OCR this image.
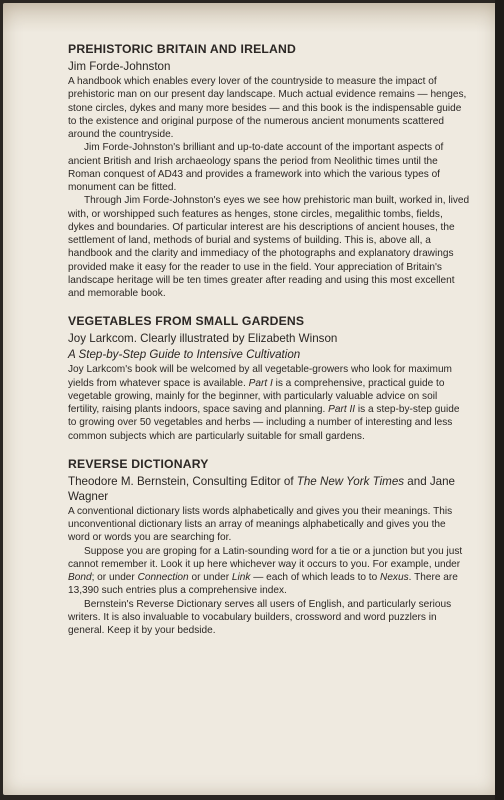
PREHISTORIC BRITAIN AND IRELAND
Jim Forde-Johnston

A handbook which enables every lover of the countryside to measure the impact of prehistoric man on our present day landscape. Much actual evidence remains — henges, stone circles, dykes and many more besides — and this book is the indispensable guide to the existence and original purpose of the numerous ancient monuments scattered around the countryside.

Jim Forde-Johnston's brilliant and up-to-date account of the important aspects of ancient British and Irish archaeology spans the period from Neolithic times until the Roman conquest of AD43 and provides a framework into which the various types of monument can be fitted.

Through Jim Forde-Johnston's eyes we see how prehistoric man built, worked in, lived with, or worshipped such features as henges, stone circles, megalithic tombs, fields, dykes and boundaries. Of particular interest are his descriptions of ancient houses, the settlement of land, methods of burial and systems of building. This is, above all, a handbook and the clarity and immediacy of the photographs and explanatory drawings provided make it easy for the reader to use in the field. Your appreciation of Britain's landscape heritage will be ten times greater after reading and using this most excellent and memorable book.

VEGETABLES FROM SMALL GARDENS
Joy Larkcom. Clearly illustrated by Elizabeth Winson
A Step-by-Step Guide to Intensive Cultivation

Joy Larkcom's book will be welcomed by all vegetable-growers who look for maximum yields from whatever space is available. Part I is a comprehensive, practical guide to vegetable growing, mainly for the beginner, with particularly valuable advice on soil fertility, raising plants indoors, space saving and planning. Part II is a step-by-step guide to growing over 50 vegetables and herbs — including a number of interesting and less common subjects which are particularly suitable for small gardens.

REVERSE DICTIONARY
Theodore M. Bernstein, Consulting Editor of The New York Times and Jane Wagner

A conventional dictionary lists words alphabetically and gives you their meanings. This unconventional dictionary lists an array of meanings alphabetically and gives you the word or words you are searching for.

Suppose you are groping for a Latin-sounding word for a tie or a junction but you just cannot remember it. Look it up here whichever way it occurs to you. For example, under Bond; or under Connection or under Link — each of which leads to to Nexus. There are 13,390 such entries plus a comprehensive index.

Bernstein's Reverse Dictionary serves all users of English, and particularly serious writers. It is also invaluable to vocabulary builders, crossword and word puzzlers in general. Keep it by your bedside.
